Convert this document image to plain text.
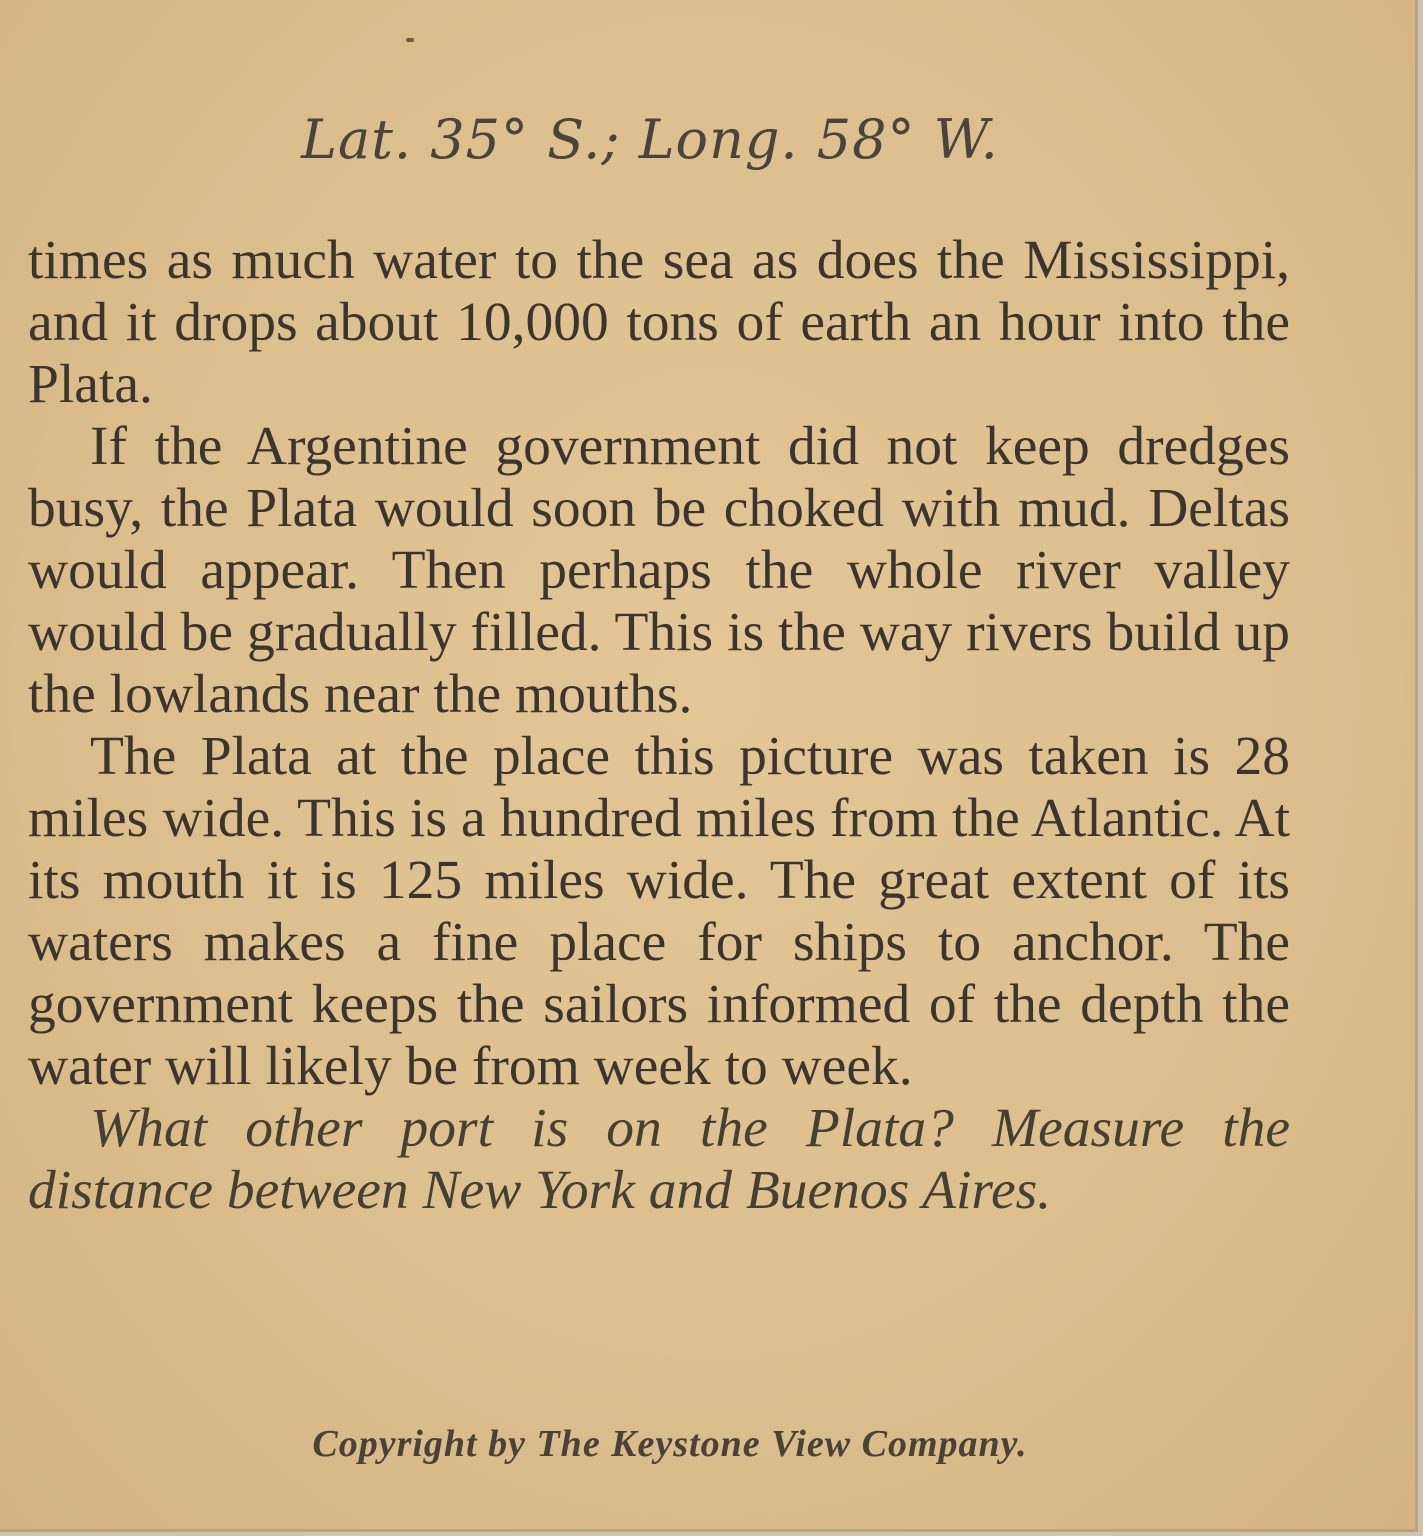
Lat. 35° S.; Long. 58° W.

times as much water to the sea as does the Mississippi, and it drops about 10,000 tons of earth an hour into the Plata.

If the Argentine government did not keep dredges busy, the Plata would soon be choked with mud. Deltas would appear. Then perhaps the whole river valley would be gradually filled. This is the way rivers build up the lowlands near the mouths.

The Plata at the place this picture was taken is 28 miles wide. This is a hundred miles from the Atlantic. At its mouth it is 125 miles wide. The great extent of its waters makes a fine place for ships to anchor. The government keeps the sailors informed of the depth the water will likely be from week to week.

What other port is on the Plata? Measure the distance between New York and Buenos Aires.

Copyright by The Keystone View Company.
